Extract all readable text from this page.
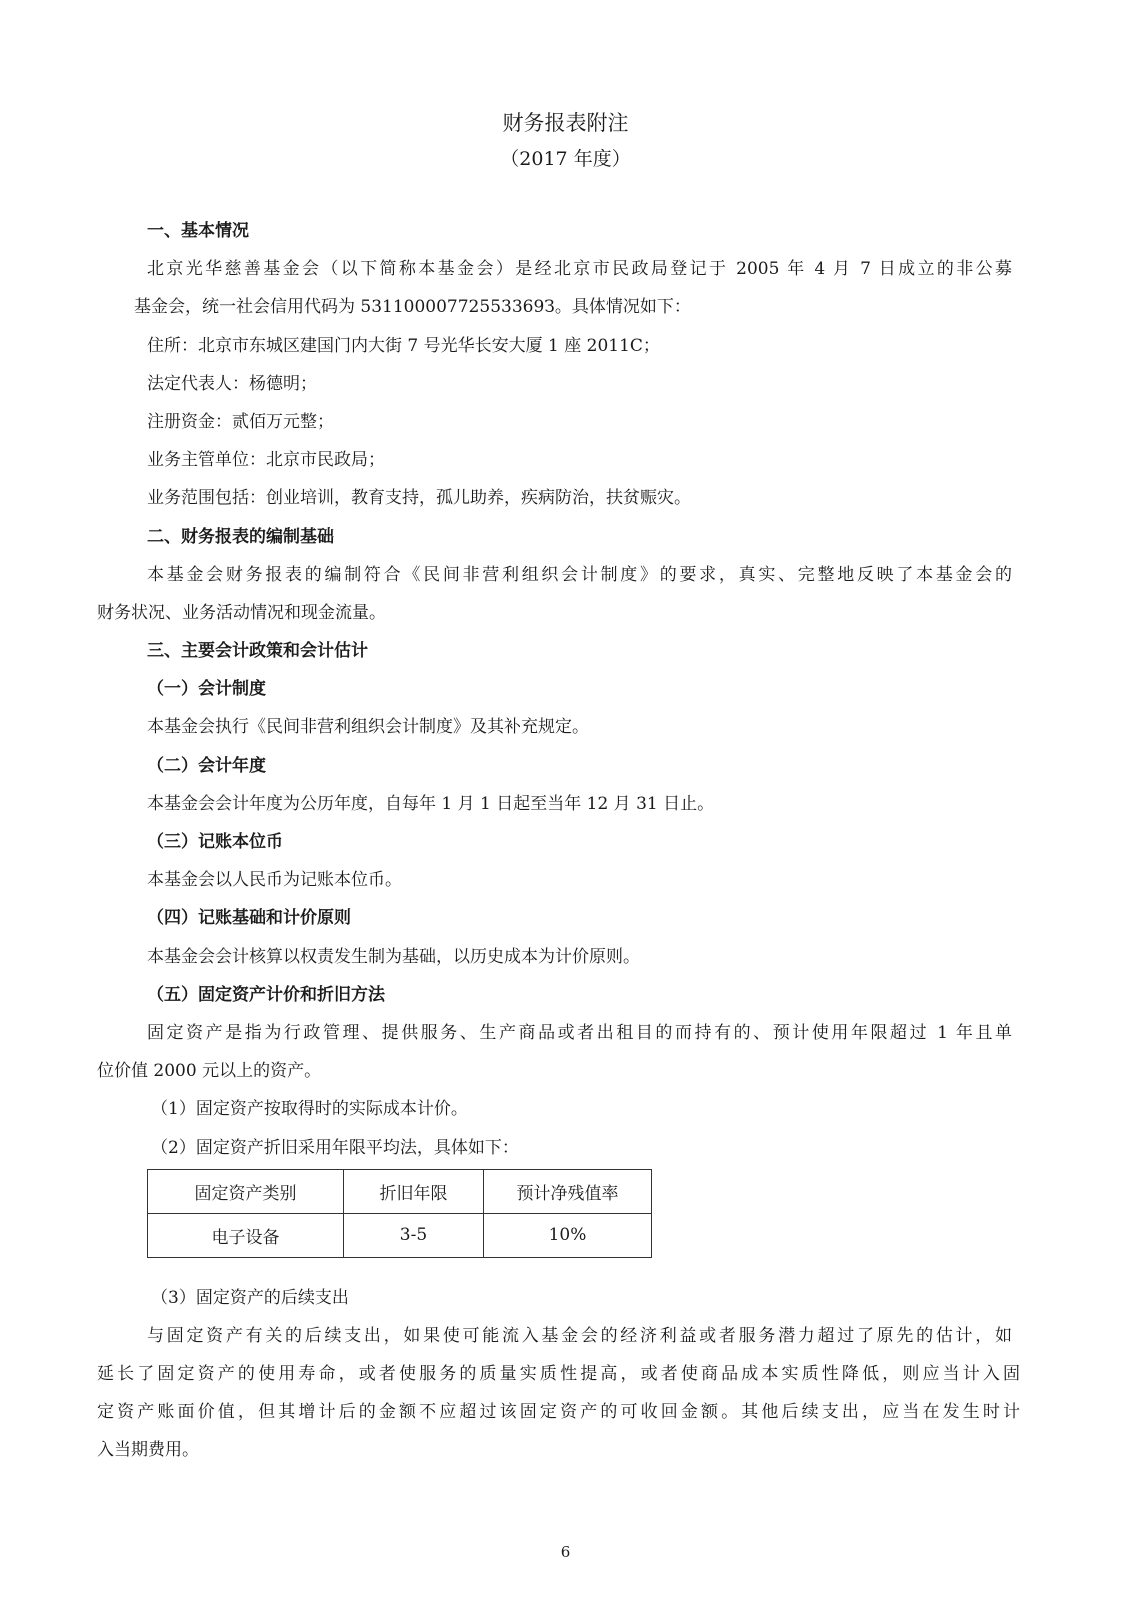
财务报表附注
（2017 年度）
一、基本情况
北京光华慈善基金会（以下简称本基金会）是经北京市民政局登记于 2005 年 4 月 7 日成立的非公募
基金会，统一社会信用代码为 53110000772553369З。具体情况如下：
住所：北京市东城区建国门内大街 7 号光华长安大厦 1 座 2011C；
法定代表人：杨德明；
注册资金：贰佰万元整；
业务主管单位：北京市民政局；
业务范围包括：创业培训，教育支持，孤儿助养，疾病防治，扶贫赈灾。
二、财务报表的编制基础
本基金会财务报表的编制符合《民间非营利组织会计制度》的要求，真实、完整地反映了本基金会的
财务状况、业务活动情况和现金流量。
三、主要会计政策和会计估计
（一）会计制度
本基金会执行《民间非营利组织会计制度》及其补充规定。
（二）会计年度
本基金会会计年度为公历年度，自每年 1 月 1 日起至当年 12 月 31 日止。
（三）记账本位币
本基金会以人民币为记账本位币。
（四）记账基础和计价原则
本基金会会计核算以权责发生制为基础，以历史成本为计价原则。
（五）固定资产计价和折旧方法
固定资产是指为行政管理、提供服务、生产商品或者出租目的而持有的、预计使用年限超过 1 年且单
位价值 2000 元以上的资产。
（1）固定资产按取得时的实际成本计价。
（2）固定资产折旧采用年限平均法，具体如下：
固定资产类别	折旧年限	预计净残值率
电子设备	3-5	10%
（3）固定资产的后续支出
与固定资产有关的后续支出，如果使可能流入基金会的经济利益或者服务潜力超过了原先的估计，如
延长了固定资产的使用寿命，或者使服务的质量实质性提高，或者使商品成本实质性降低，则应当计入固
定资产账面价值，但其增计后的金额不应超过该固定资产的可收回金额。其他后续支出，应当在发生时计
入当期费用。
6
